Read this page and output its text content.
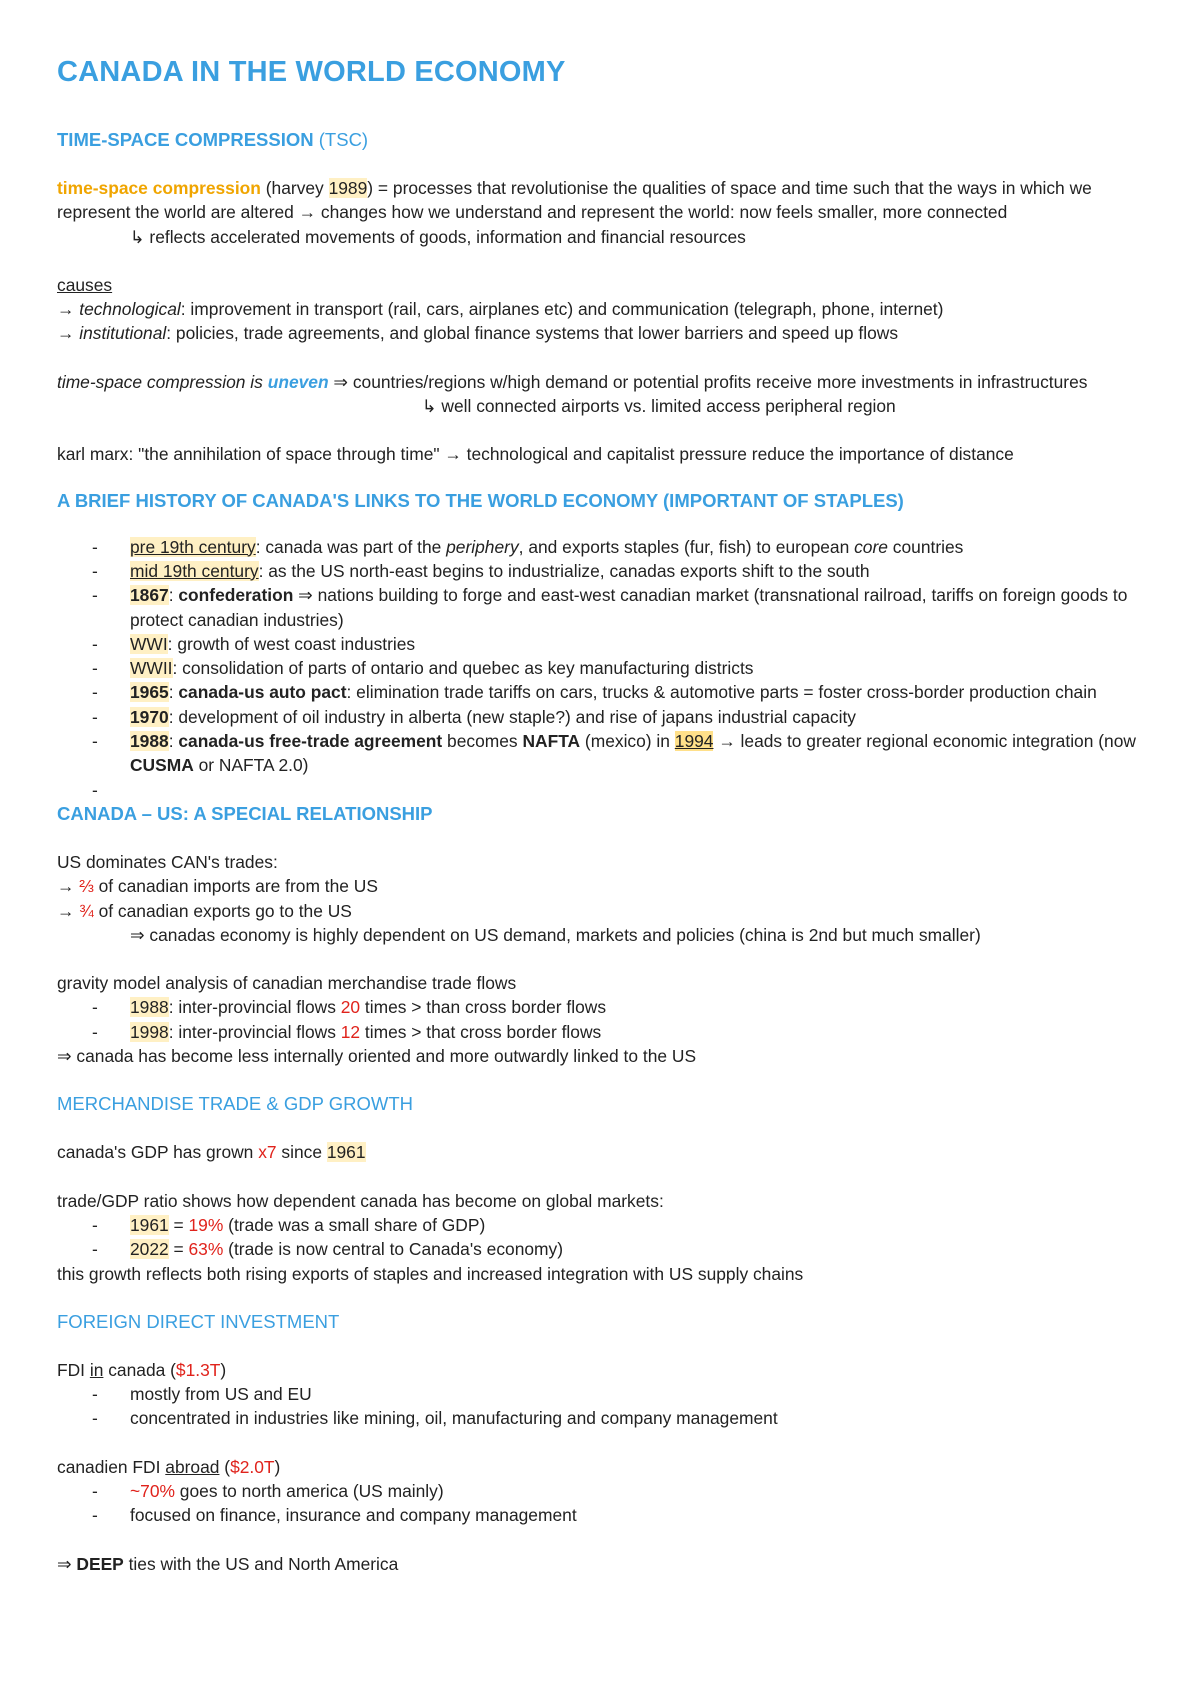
CANADA IN THE WORLD ECONOMY
TIME-SPACE COMPRESSION (TSC)

time-space compression (harvey 1989) = processes that revolutionise the qualities of space and time such that the ways in which we represent the world are altered → changes how we understand and represent the world: now feels smaller, more connected

↳ reflects accelerated movements of goods, information and financial resources

causes

→ technological: improvement in transport (rail, cars, airplanes etc) and communication (telegraph, phone, internet)

→ institutional: policies, trade agreements, and global finance systems that lower barriers and speed up flows

time-space compression is uneven ⇒ countries/regions w/high demand or potential profits receive more investments in infrastructures

↳ well connected airports vs. limited access peripheral region

karl marx: "the annihilation of space through time" → technological and capitalist pressure reduce the importance of distance

A BRIEF HISTORY OF CANADA'S LINKS TO THE WORLD ECONOMY (IMPORTANT OF STAPLES)
- pre 19th century: canada was part of the periphery, and exports staples (fur, fish) to european core countries
- mid 19th century: as the US north-east begins to industrialize, canadas exports shift to the south
- 1867: confederation ⇒ nations building to forge and east-west canadian market (transnational railroad, tariffs on foreign goods to protect canadian industries)
- WWI: growth of west coast industries
- WWII: consolidation of parts of ontario and quebec as key manufacturing districts
- 1965: canada-us auto pact: elimination trade tariffs on cars, trucks & automotive parts = foster cross-border production chain
- 1970: development of oil industry in alberta (new staple?) and rise of japans industrial capacity
- 1988: canada-us free-trade agreement becomes NAFTA (mexico) in 1994 → leads to greater regional economic integration (now CUSMA or NAFTA 2.0)
-
CANADA – US: A SPECIAL RELATIONSHIP

US dominates CAN's trades:

→ ⅔ of canadian imports are from the US

→ ¾ of canadian exports go to the US

⇒ canadas economy is highly dependent on US demand, markets and policies (china is 2nd but much smaller)

gravity model analysis of canadian merchandise trade flows

- 1988: inter-provincial flows 20 times > than cross border flows
- 1998: inter-provincial flows 12 times > that cross border flows

⇒ canada has become less internally oriented and more outwardly linked to the US

MERCHANDISE TRADE & GDP GROWTH

canada's GDP has grown x7 since 1961

trade/GDP ratio shows how dependent canada has become on global markets:

- 1961 = 19% (trade was a small share of GDP)
- 2022 = 63% (trade is now central to Canada's economy)

this growth reflects both rising exports of staples and increased integration with US supply chains

FOREIGN DIRECT INVESTMENT

FDI in canada ($1.3T)

- mostly from US and EU
- concentrated in industries like mining, oil, manufacturing and company management

canadien FDI abroad ($2.0T)

- ~70% goes to north america (US mainly)
- focused on finance, insurance and company management

⇒ DEEP ties with the US and North America
